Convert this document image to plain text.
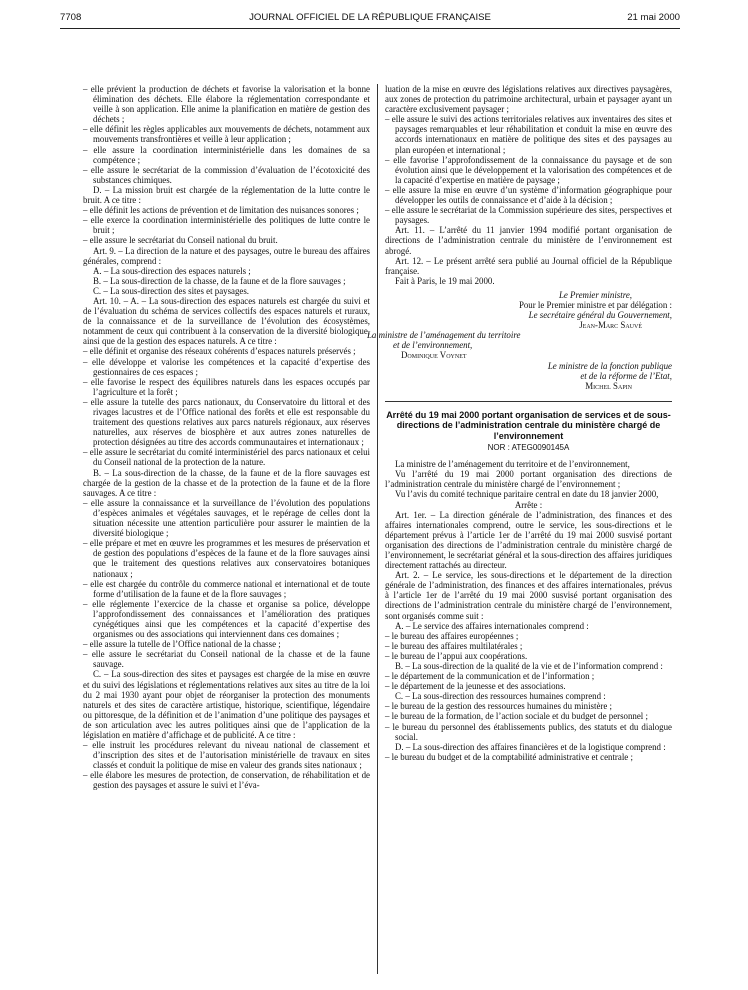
7708	JOURNAL OFFICIEL DE LA RÉPUBLIQUE FRANÇAISE	21 mai 2000

– elle prévient la production de déchets et favorise la valorisation et la bonne élimination des déchets. Elle élabore la réglementation correspondante et veille à son application. Elle anime la planification en matière de gestion des déchets ;

– elle définit les règles applicables aux mouvements de déchets, notamment aux mouvements transfrontières et veille à leur application ;

– elle assure la coordination interministérielle dans les domaines de sa compétence ;

– elle assure le secrétariat de la commission d’évaluation de l’écotoxicité des substances chimiques.

D. – La mission bruit est chargée de la réglementation de la lutte contre le bruit. A ce titre :

– elle définit les actions de prévention et de limitation des nuisances sonores ;

– elle exerce la coordination interministérielle des politiques de lutte contre le bruit ;

– elle assure le secrétariat du Conseil national du bruit.

Art. 9. – La direction de la nature et des paysages, outre le bureau des affaires générales, comprend :

A. – La sous-direction des espaces naturels ;

B. – La sous-direction de la chasse, de la faune et de la flore sauvages ;

C. – La sous-direction des sites et paysages.

Art. 10. – A. – La sous-direction des espaces naturels est chargée du suivi et de l’évaluation du schéma de services collectifs des espaces naturels et ruraux, de la connaissance et de la surveillance de l’évolution des écosystèmes, notamment de ceux qui contribuent à la conservation de la diversité biologique, ainsi que de la gestion des espaces naturels. A ce titre :

– elle définit et organise des réseaux cohérents d’espaces naturels préservés ;

– elle développe et valorise les compétences et la capacité d’expertise des gestionnaires de ces espaces ;

– elle favorise le respect des équilibres naturels dans les espaces occupés par l’agriculture et la forêt ;

– elle assure la tutelle des parcs nationaux, du Conservatoire du littoral et des rivages lacustres et de l’Office national des forêts et elle est responsable du traitement des questions relatives aux parcs naturels régionaux, aux réserves naturelles, aux réserves de biosphère et aux autres zones naturelles de protection désignées au titre des accords communautaires et internationaux ;

– elle assure le secrétariat du comité interministériel des parcs nationaux et celui du Conseil national de la protection de la nature.

B. – La sous-direction de la chasse, de la faune et de la flore sauvages est chargée de la gestion de la chasse et de la protection de la faune et de la flore sauvages. A ce titre :

– elle assure la connaissance et la surveillance de l’évolution des populations d’espèces animales et végétales sauvages, et le repérage de celles dont la situation nécessite une attention particulière pour assurer le maintien de la diversité biologique ;

– elle prépare et met en œuvre les programmes et les mesures de préservation et de gestion des populations d’espèces de la faune et de la flore sauvages ainsi que le traitement des questions relatives aux conservatoires botaniques nationaux ;

– elle est chargée du contrôle du commerce national et international et de toute forme d’utilisation de la faune et de la flore sauvages ;

– elle réglemente l’exercice de la chasse et organise sa police, développe l’approfondissement des connaissances et l’amélioration des pratiques cynégétiques ainsi que les compétences et la capacité d’expertise des organismes ou des associations qui interviennent dans ces domaines ;

– elle assure la tutelle de l’Office national de la chasse ;

– elle assure le secrétariat du Conseil national de la chasse et de la faune sauvage.

C. – La sous-direction des sites et paysages est chargée de la mise en œuvre et du suivi des législations et réglementations relatives aux sites au titre de la loi du 2 mai 1930 ayant pour objet de réorganiser la protection des monuments naturels et des sites de caractère artistique, historique, scientifique, légendaire ou pittoresque, de la définition et de l’animation d’une politique des paysages et de son articulation avec les autres politiques ainsi que de l’application de la législation en matière d’affichage et de publicité. A ce titre :

– elle instruit les procédures relevant du niveau national de classement et d’inscription des sites et de l’autorisation ministérielle de travaux en sites classés et conduit la politique de mise en valeur des grands sites nationaux ;

– elle élabore les mesures de protection, de conservation, de réhabilitation et de gestion des paysages et assure le suivi et l’éva-

luation de la mise en œuvre des législations relatives aux directives paysagères, aux zones de protection du patrimoine architectural, urbain et paysager ayant un caractère exclusivement paysager ;

– elle assure le suivi des actions territoriales relatives aux inventaires des sites et paysages remarquables et leur réhabilitation et conduit la mise en œuvre des accords internationaux en matière de politique des sites et des paysages au plan européen et international ;

– elle favorise l’approfondissement de la connaissance du paysage et de son évolution ainsi que le développement et la valorisation des compétences et de la capacité d’expertise en matière de paysage ;

– elle assure la mise en œuvre d’un système d’information géographique pour développer les outils de connaissance et d’aide à la décision ;

– elle assure le secrétariat de la Commission supérieure des sites, perspectives et paysages.

Art. 11. – L’arrêté du 11 janvier 1994 modifié portant organisation de directions de l’administration centrale du ministère de l’environnement est abrogé.

Art. 12. – Le présent arrêté sera publié au Journal officiel de la République française.

Fait à Paris, le 19 mai 2000.

Le Premier ministre,

Pour le Premier ministre et par délégation :

Le secrétaire général du Gouvernement,

Jean-Marc Sauvé

La ministre de l’aménagement du territoire

et de l’environnement,

Dominique Voynet

Le ministre de la fonction publique

et de la réforme de l’Etat,

Michel Sapin

Arrêté du 19 mai 2000 portant organisation de services et de sous-directions de l’administration centrale du ministère chargé de l’environnement

NOR : ATEG0090145A

La ministre de l’aménagement du territoire et de l’environnement,

Vu l’arrêté du 19 mai 2000 portant organisation des directions de l’administration centrale du ministère chargé de l’environnement ;

Vu l’avis du comité technique paritaire central en date du 18 janvier 2000,

Arrête :

Art. 1er. – La direction générale de l’administration, des finances et des affaires internationales comprend, outre le service, les sous-directions et le département prévus à l’article 1er de l’arrêté du 19 mai 2000 susvisé portant organisation des directions de l’administration centrale du ministère chargé de l’environnement, le secrétariat général et la sous-direction des affaires juridiques directement rattachés au directeur.

Art. 2. – Le service, les sous-directions et le département de la direction générale de l’administration, des finances et des affaires internationales, prévus à l’article 1er de l’arrêté du 19 mai 2000 susvisé portant organisation des directions de l’administration centrale du ministère chargé de l’environnement, sont organisés comme suit :

A. – Le service des affaires internationales comprend :

– le bureau des affaires européennes ;

– le bureau des affaires multilatérales ;

– le bureau de l’appui aux coopérations.

B. – La sous-direction de la qualité de la vie et de l’information comprend :

– le département de la communication et de l’information ;

– le département de la jeunesse et des associations.

C. – La sous-direction des ressources humaines comprend :

– le bureau de la gestion des ressources humaines du ministère ;

– le bureau de la formation, de l’action sociale et du budget de personnel ;

– le bureau du personnel des établissements publics, des statuts et du dialogue social.

D. – La sous-direction des affaires financières et de la logistique comprend :

– le bureau du budget et de la comptabilité administrative et centrale ;
